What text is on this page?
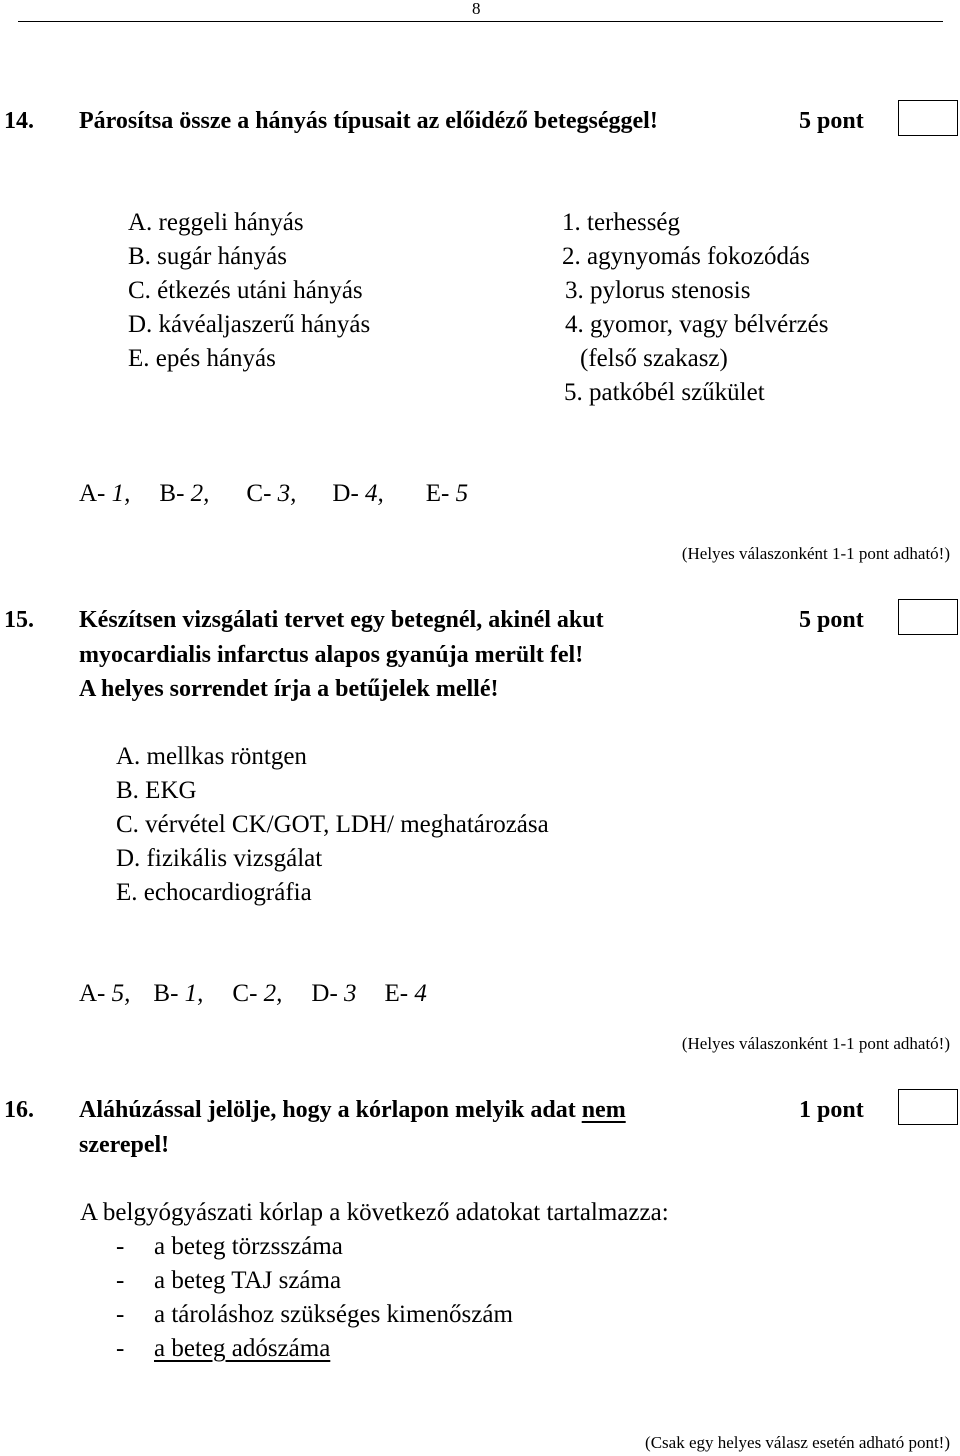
8
14. Párosítsa össze a hányás típusait az előidéző betegséggel!	5 pont
A. reggeli hányás
B. sugár hányás
C. étkezés utáni hányás
D. kávéaljaszerű hányás
E. epés hányás
1. terhesség
2. agynyomás fokozódás
3. pylorus stenosis
4. gyomor, vagy bélvérzés
(felső szakasz)
5. patkóbél szűkület
A- 1, B- 2, C- 3, D- 4, E- 5
(Helyes válaszonként 1-1 pont adható!)
15. Készítsen vizsgálati tervet egy betegnél, akinél akut
myocardialis infarctus alapos gyanúja merült fel!
A helyes sorrendet írja a betűjelek mellé!
5 pont
A. mellkas röntgen
B. EKG
C. vérvétel CK/GOT, LDH/ meghatározása
D. fizikális vizsgálat
E. echocardiográfia
A- 5, B- 1, C- 2, D- 3 E- 4
(Helyes válaszonként 1-1 pont adható!)
16. Aláhúzással jelölje, hogy a kórlapon melyik adat nem
szerepel!
1 pont
A belgyógyászati kórlap a következő adatokat tartalmazza:
- a beteg törzsszáma
- a beteg TAJ száma
- a tároláshoz szükséges kimenőszám
- a beteg adószáma
(Csak egy helyes válasz esetén adható pont!)
